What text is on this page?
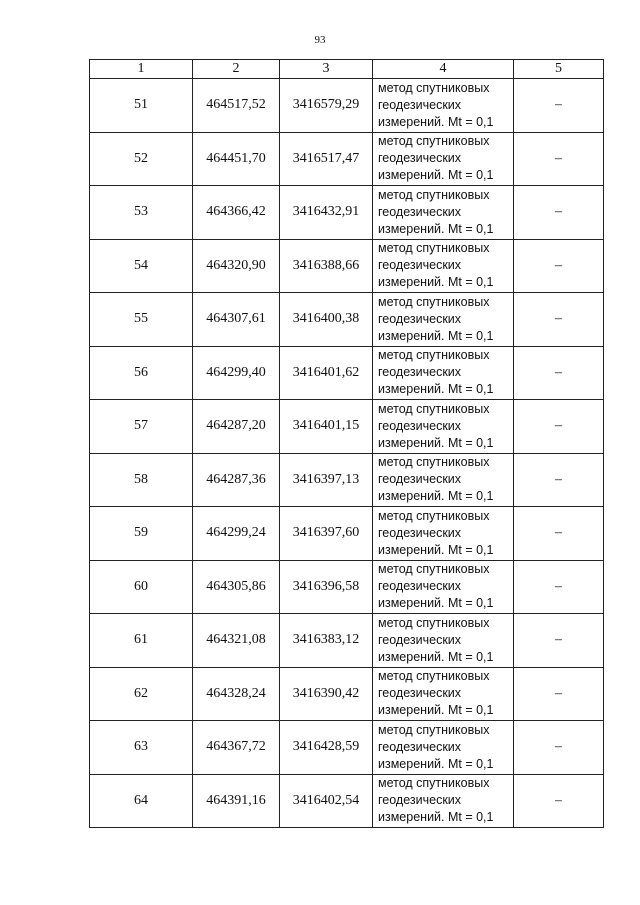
93
1	2	3	4	5
51	464517,52	3416579,29	метод спутниковых
геодезических
измерений. Mt = 0,1	–
52	464451,70	3416517,47	метод спутниковых
геодезических
измерений. Mt = 0,1	–
53	464366,42	3416432,91	метод спутниковых
геодезических
измерений. Mt = 0,1	–
54	464320,90	3416388,66	метод спутниковых
геодезических
измерений. Mt = 0,1	–
55	464307,61	3416400,38	метод спутниковых
геодезических
измерений. Mt = 0,1	–
56	464299,40	3416401,62	метод спутниковых
геодезических
измерений. Mt = 0,1	–
57	464287,20	3416401,15	метод спутниковых
геодезических
измерений. Mt = 0,1	–
58	464287,36	3416397,13	метод спутниковых
геодезических
измерений. Mt = 0,1	–
59	464299,24	3416397,60	метод спутниковых
геодезических
измерений. Mt = 0,1	–
60	464305,86	3416396,58	метод спутниковых
геодезических
измерений. Mt = 0,1	–
61	464321,08	3416383,12	метод спутниковых
геодезических
измерений. Mt = 0,1	–
62	464328,24	3416390,42	метод спутниковых
геодезических
измерений. Mt = 0,1	–
63	464367,72	3416428,59	метод спутниковых
геодезических
измерений. Mt = 0,1	–
64	464391,16	3416402,54	метод спутниковых
геодезических
измерений. Mt = 0,1	–
